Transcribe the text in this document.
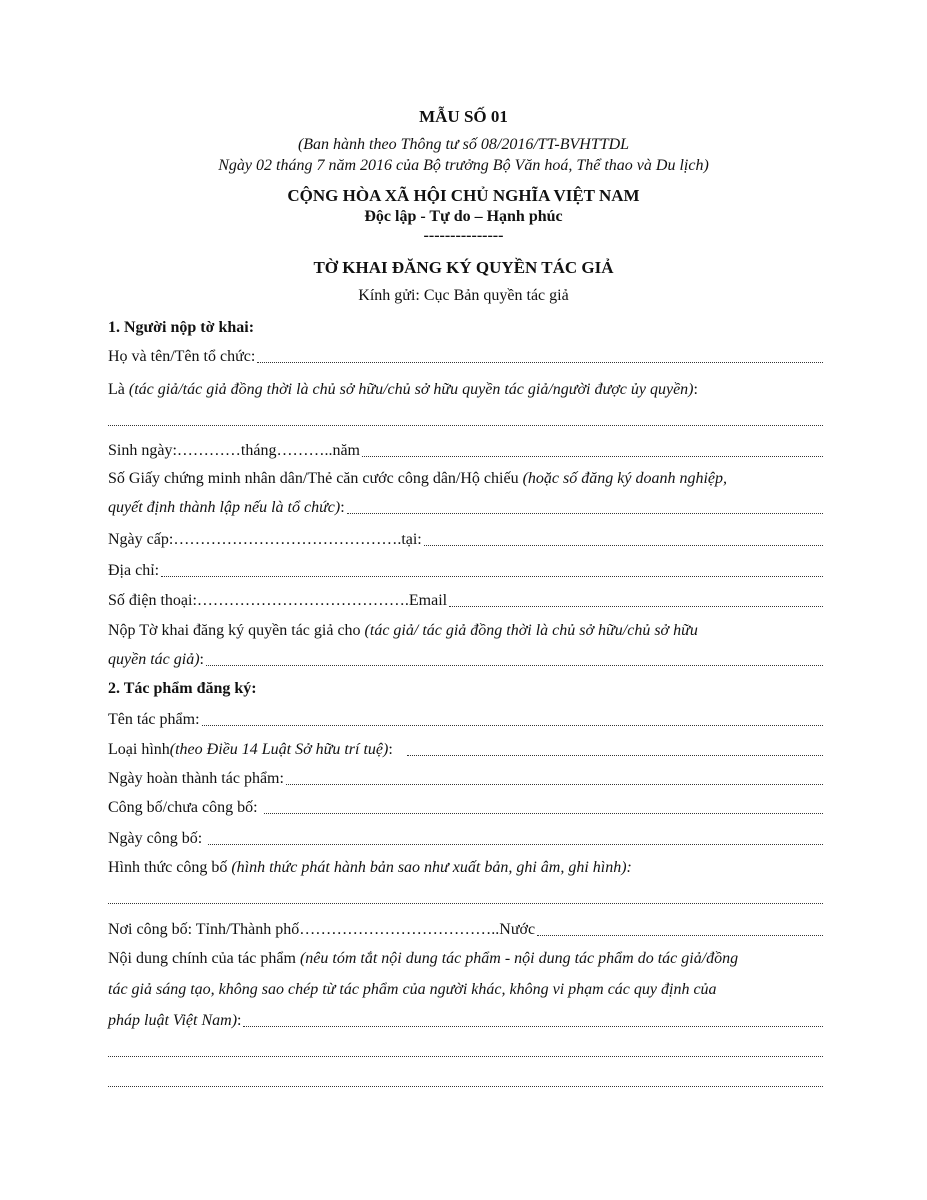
MẪU SỐ 01
(Ban hành theo Thông tư số 08/2016/TT-BVHTTDL
Ngày 02 tháng 7 năm 2016 của Bộ trưởng Bộ Văn hoá, Thể thao và Du lịch)
CỘNG HÒA XÃ HỘI CHỦ NGHĨA VIỆT NAM
Độc lập - Tự do – Hạnh phúc
---------------
TỜ KHAI ĐĂNG KÝ QUYỀN TÁC GIẢ
Kính gửi: Cục Bản quyền tác giả
1. Người nộp tờ khai:
Họ và tên/Tên tổ chức:
Là (tác giả/tác giả đồng thời là chủ sở hữu/chủ sở hữu quyền tác giả/người được ủy quyền):
Sinh ngày: ………… tháng ……….. năm
Số Giấy chứng minh nhân dân/Thẻ căn cước công dân/Hộ chiếu (hoặc số đăng ký doanh nghiệp,
quyết định thành lập nếu là tổ chức) :
Ngày cấp: ……………………………………. tại:
Địa chỉ:
Số điện thoại: ………………………………… .Email
Nộp Tờ khai đăng ký quyền tác giả cho (tác giả/ tác giả đồng thời là chủ sở hữu/chủ sở hữu
quyền tác giả) :
2. Tác phẩm đăng ký:
Tên tác phẩm:
Loại hình (theo Điều 14 Luật Sở hữu trí tuệ) :
Ngày hoàn thành tác phẩm:
Công bố/chưa công bố:
Ngày công bố:
Hình thức công bố (hình thức phát hành bản sao như xuất bản, ghi âm, ghi hình):
Nơi công bố: Tỉnh/Thành phố ……………………………… ..Nước
Nội dung chính của tác phẩm (nêu tóm tắt nội dung tác phẩm - nội dung tác phẩm do tác giả/đồng
tác giả sáng tạo, không sao chép từ tác phẩm của người khác, không vi phạm các quy định của
pháp luật Việt Nam) :
